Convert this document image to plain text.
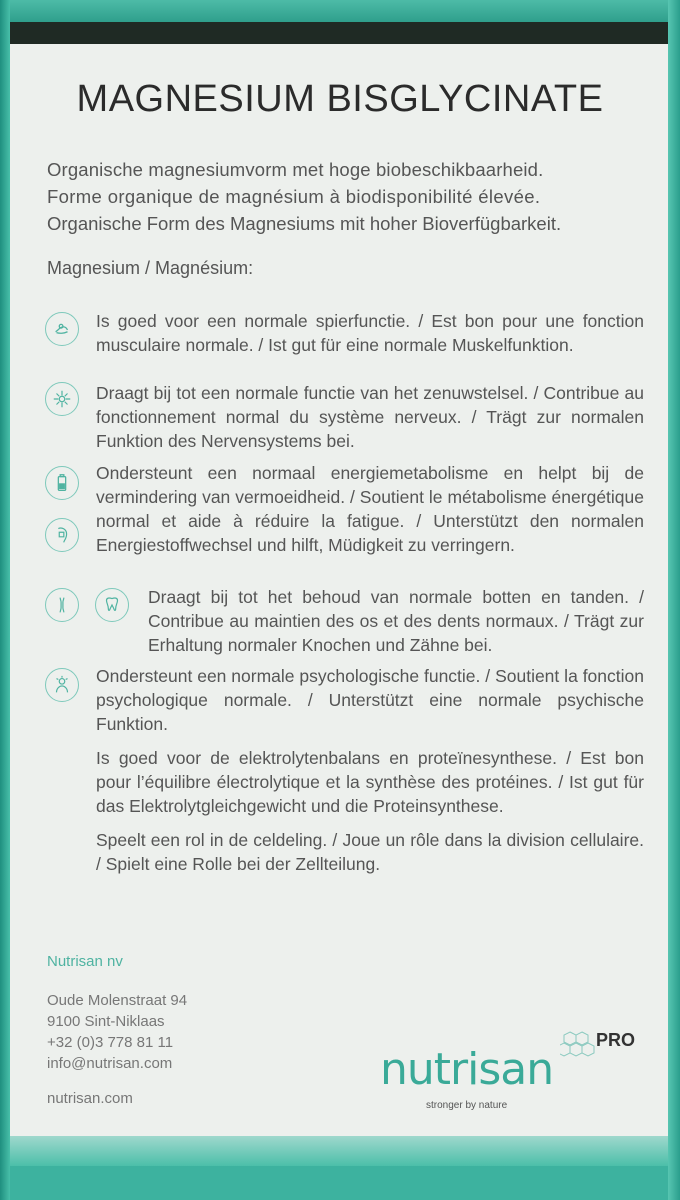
MAGNESIUM BISGLYCINATE
Organische magnesiumvorm met hoge biobeschikbaarheid.
Forme organique de magnésium à biodisponibilité élevée.
Organische Form des Magnesiums mit hoher Bioverfügbarkeit.
Magnesium / Magnésium:
Is goed voor een normale spierfunctie. / Est bon pour une fonction musculaire normale. / Ist gut für eine normale Muskelfunktion.
Draagt bij tot een normale functie van het zenuwstelsel. / Contribue au fonctionnement normal du système nerveux. / Trägt zur normalen Funktion des Nervensystems bei.
Ondersteunt een normaal energiemetabolisme en helpt bij de vermindering van vermoeidheid. / Soutient le métabolisme énergétique normal et aide à réduire la fatigue. / Unterstützt den normalen Energiestoffwechsel und hilft, Müdigkeit zu verringern.
Draagt bij tot het behoud van normale botten en tanden. / Contribue au maintien des os et des dents normaux. / Trägt zur Erhaltung normaler Knochen und Zähne bei.
Ondersteunt een normale psychologische functie. / Soutient la fonction psychologique normale. / Unterstützt eine normale psychische Funktion.
Is goed voor de elektrolytenbalans en proteïnesynthese. / Est bon pour l’équilibre électrolytique et la synthèse des protéines. / Ist gut für das Elektrolytgleichgewicht und die Proteinsynthese.
Speelt een rol in de celdeling. / Joue un rôle dans la division cellulaire. / Spielt eine Rolle bei der Zellteilung.
Nutrisan nv
Oude Molenstraat 94
9100 Sint-Niklaas
+32 (0)3 778 81 11
info@nutrisan.com
nutrisan.com
PRO
nutrisan
stronger by nature
